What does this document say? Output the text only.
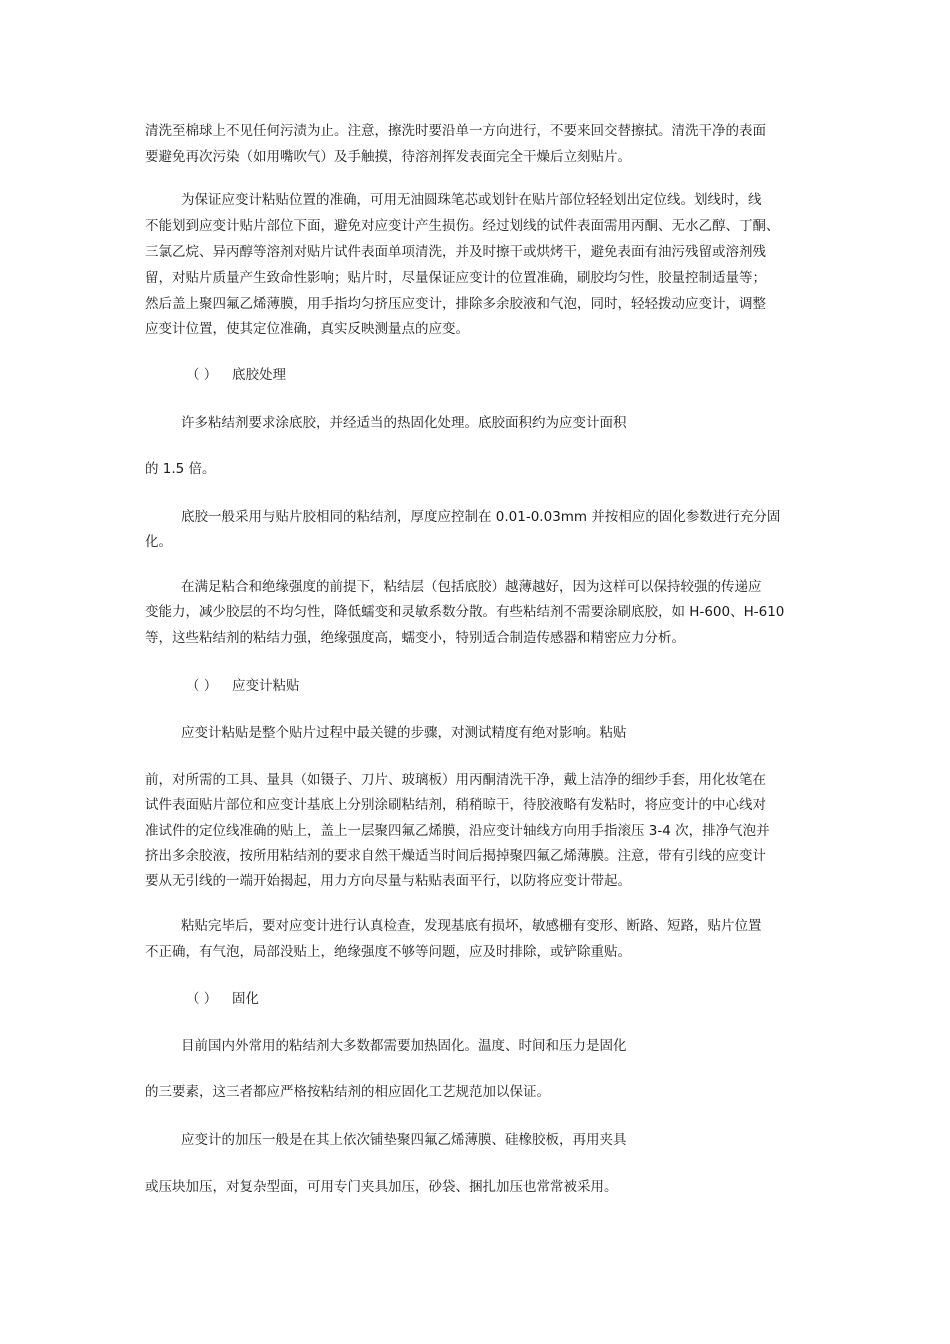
清洗至棉球上不见任何污渍为止。注意，擦洗时要沿单一方向进行，不要来回交替擦拭。清洗干净的表面
要避免再次污染（如用嘴吹气）及手触摸，待溶剂挥发表面完全干燥后立刻贴片。
为保证应变计粘贴位置的准确，可用无油圆珠笔芯或划针在贴片部位轻轻划出定位线。划线时，线
不能划到应变计贴片部位下面，避免对应变计产生损伤。经过划线的试件表面需用丙酮、无水乙醇、丁酮、
三氯乙烷、异丙醇等溶剂对贴片试件表面单项清洗，并及时擦干或烘烤干，避免表面有油污残留或溶剂残
留，对贴片质量产生致命性影响；贴片时，尽量保证应变计的位置准确，刷胶均匀性，胶量控制适量等；
然后盖上聚四氟乙烯薄膜，用手指均匀挤压应变计，排除多余胶液和气泡，同时，轻轻拨动应变计，调整
应变计位置，使其定位准确，真实反映测量点的应变。
（ ） 底胶处理
许多粘结剂要求涂底胶，并经适当的热固化处理。底胶面积约为应变计面积
的 1.5 倍。
底胶一般采用与贴片胶相同的粘结剂，厚度应控制在 0.01-0.03mm 并按相应的固化参数进行充分固
化。
在满足粘合和绝缘强度的前提下，粘结层（包括底胶）越薄越好，因为这样可以保持较强的传递应
变能力，减少胶层的不均匀性，降低蠕变和灵敏系数分散。有些粘结剂不需要涂刷底胶，如 H-600、H-610
等，这些粘结剂的粘结力强，绝缘强度高，蠕变小，特别适合制造传感器和精密应力分析。
（ ） 应变计粘贴
应变计粘贴是整个贴片过程中最关键的步骤，对测试精度有绝对影响。粘贴
前，对所需的工具、量具（如镊子、刀片、玻璃板）用丙酮清洗干净，戴上洁净的细纱手套，用化妆笔在
试件表面贴片部位和应变计基底上分别涂刷粘结剂，稍稍晾干，待胶液略有发粘时，将应变计的中心线对
准试件的定位线准确的贴上，盖上一层聚四氟乙烯膜，沿应变计轴线方向用手指滚压 3-4 次，排净气泡并
挤出多余胶液，按所用粘结剂的要求自然干燥适当时间后揭掉聚四氟乙烯薄膜。注意，带有引线的应变计
要从无引线的一端开始揭起，用力方向尽量与粘贴表面平行，以防将应变计带起。
粘贴完毕后，要对应变计进行认真检查，发现基底有损坏，敏感栅有变形、断路、短路，贴片位置
不正确，有气泡，局部没贴上，绝缘强度不够等问题，应及时排除，或铲除重贴。
（ ） 固化
目前国内外常用的粘结剂大多数都需要加热固化。温度、时间和压力是固化
的三要素，这三者都应严格按粘结剂的相应固化工艺规范加以保证。
应变计的加压一般是在其上依次铺垫聚四氟乙烯薄膜、硅橡胶板，再用夹具
或压块加压，对复杂型面，可用专门夹具加压，砂袋、捆扎加压也常常被采用。
